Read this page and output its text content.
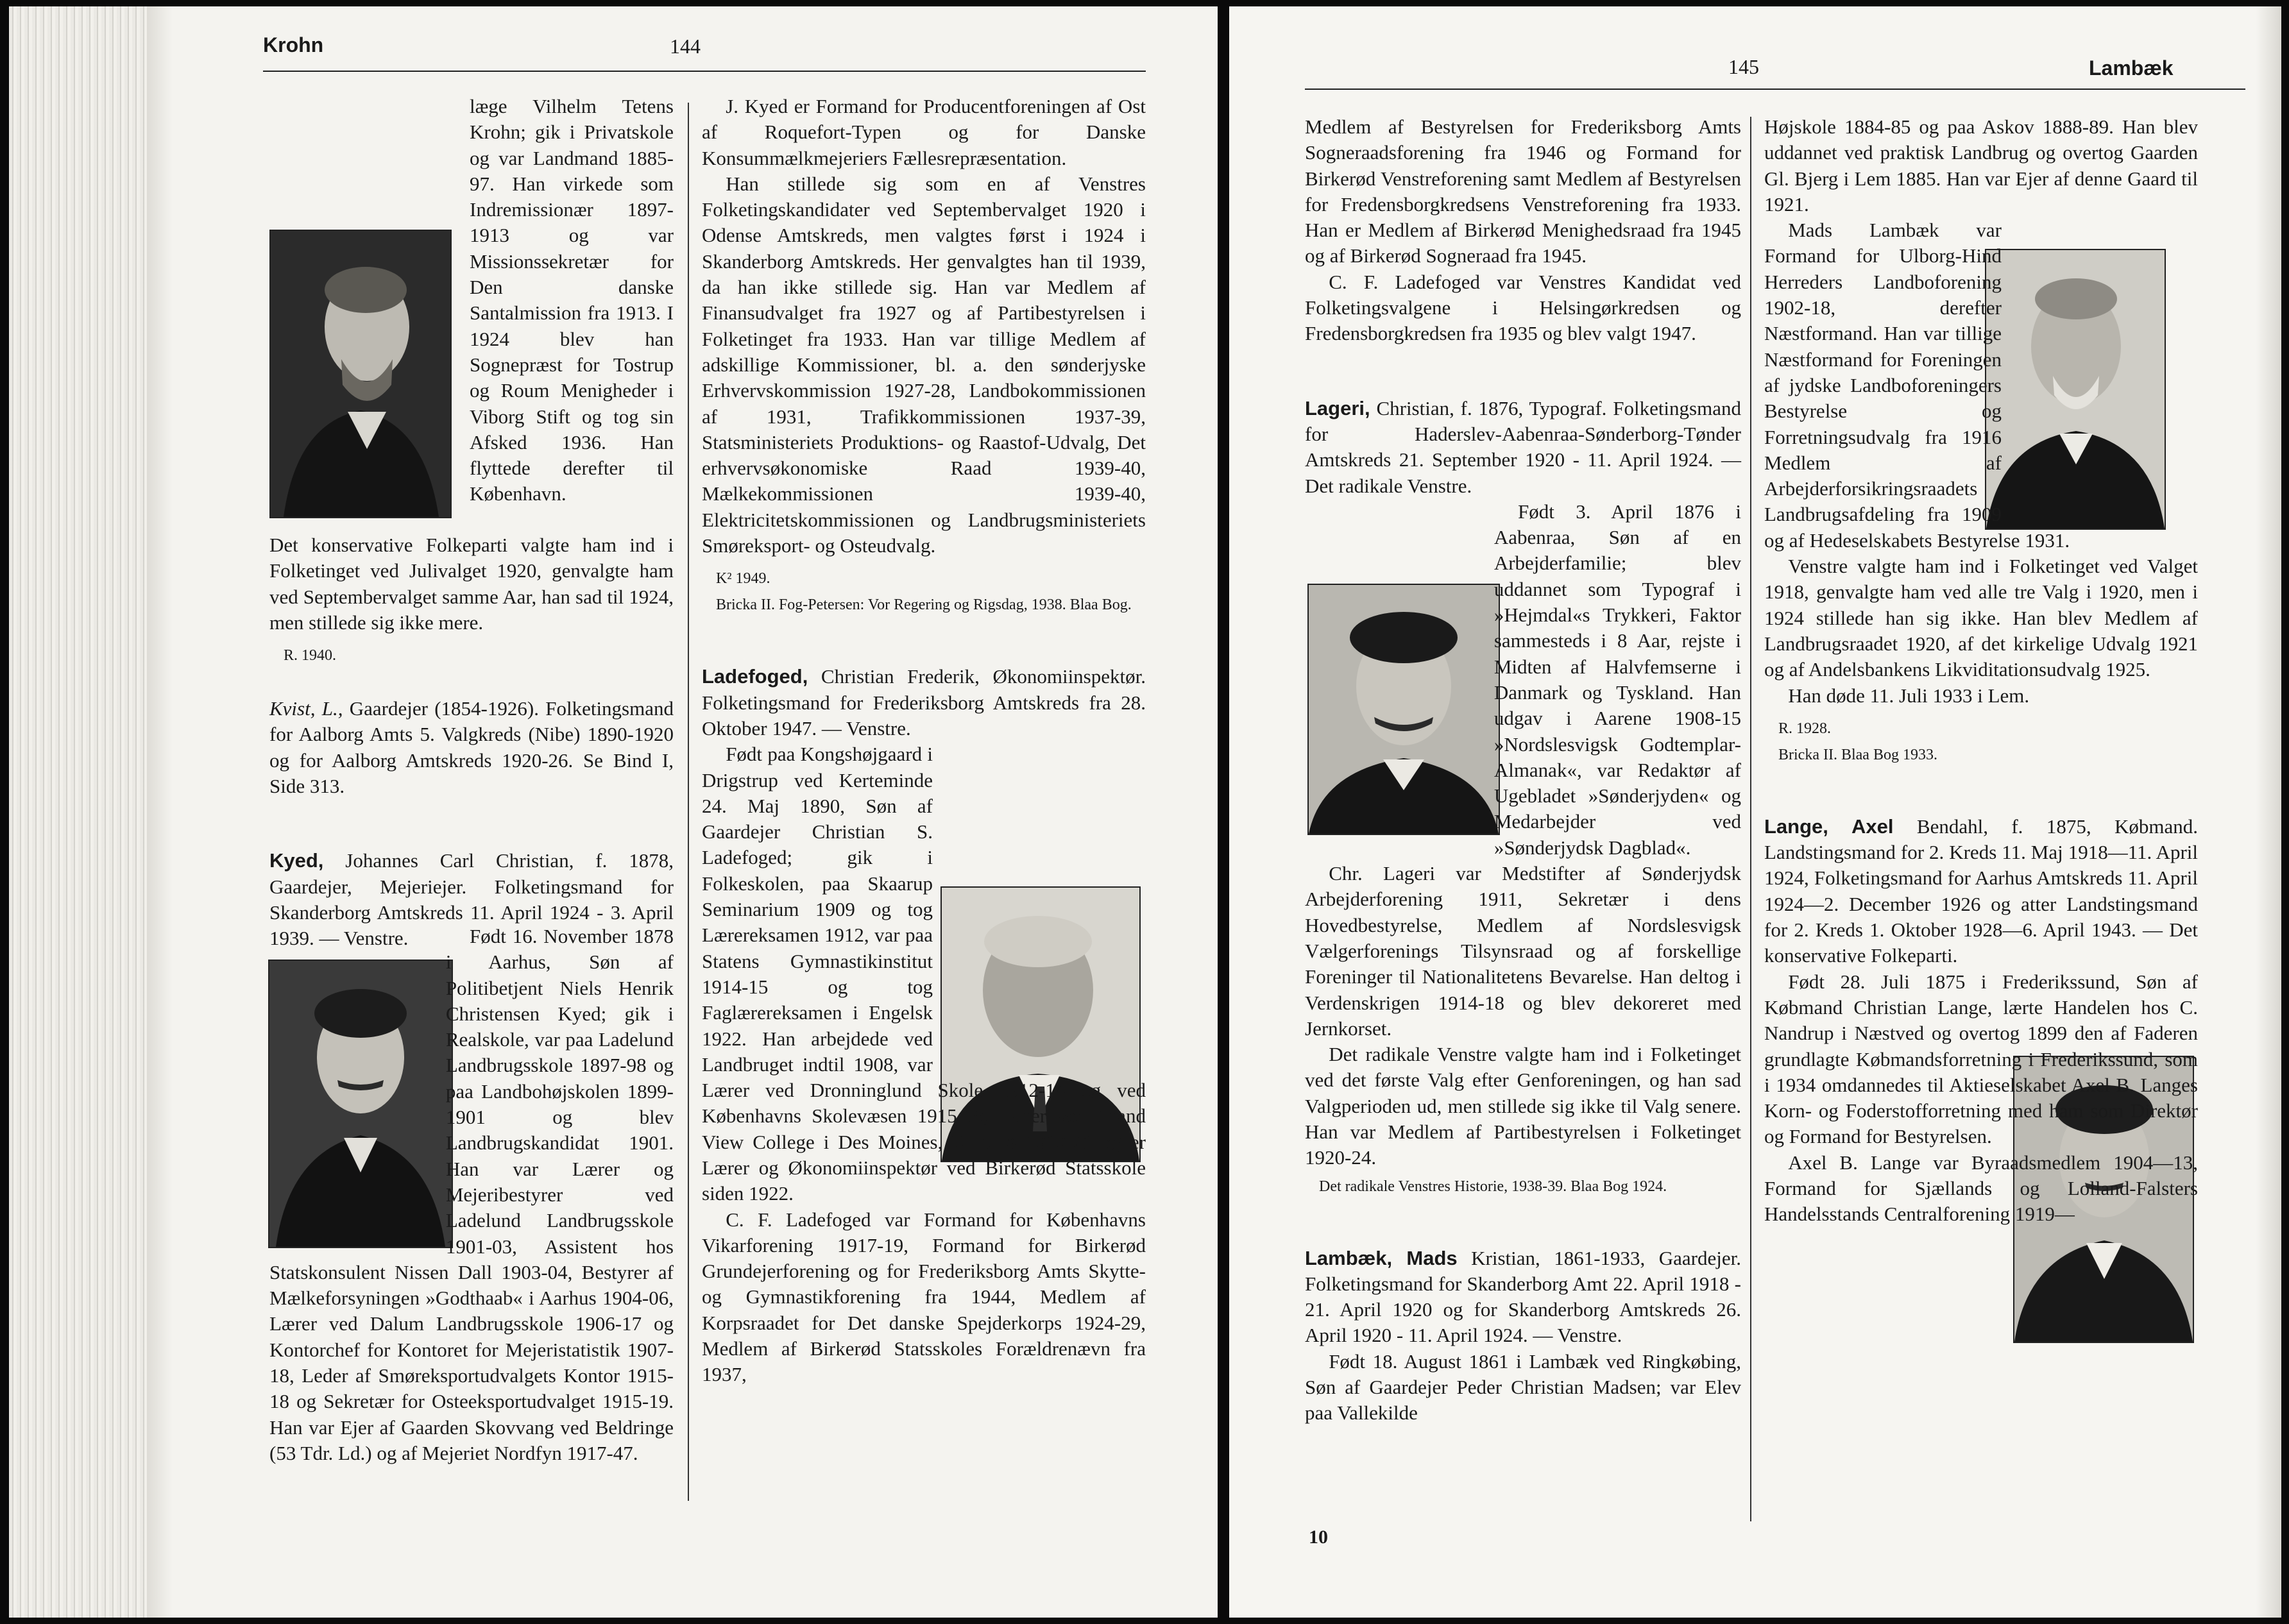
Krohn	144

læge Vilhelm Tetens Krohn; gik i Privatskole og var Landmand 1885-97. Han virkede som Indremissionær 1897-1913 og var Missionssekretær for Den danske Santalmission fra 1913. I 1924 blev han Sognepræst for Tostrup og Roum Menigheder i Viborg Stift og tog sin Afsked 1936. Han flyttede derefter til København.

Det konservative Folkeparti valgte ham ind i Folketinget ved Julivalget 1920, genvalgte ham ved Septembervalget samme Aar, han sad til 1924, men stillede sig ikke mere.

R. 1940.

Kvist, L., Gaardejer (1854-1926). Folketingsmand for Aalborg Amts 5. Valgkreds (Nibe) 1890-1920 og for Aalborg Amtskreds 1920-26. Se Bind I, Side 313.

Kyed, Johannes Carl Christian, f. 1878, Gaardejer, Mejeriejer. Folketingsmand for Skanderborg Amtskreds 11. April 1924 - 3. April 1939. — Venstre.	Født 16. November 1878 i Aarhus, Søn af Politibetjent Niels Henrik Christensen Kyed; gik i Realskole, var paa Ladelund Landbrugsskole 1897-98 og paa Landbohøjskolen 1899-1901 og blev Landbrugskandidat 1901. Han var Lærer og Mejeribestyrer ved Ladelund Landbrugsskole 1901-03, Assistent hos Statskonsulent Nissen Dall 1903-04, Bestyrer af Mælkeforsyningen »Godthaab« i Aarhus 1904-06, Lærer ved Dalum Landbrugsskole 1906-17 og Kontorchef for Kontoret for Mejeristatistik 1907-18, Leder af Smøreksportudvalgets Kontor 1915-18 og Sekretær for Osteeksportudvalget 1915-19. Han var Ejer af Gaarden Skovvang ved Beldringe (53 Tdr. Ld.) og af Mejeriet Nordfyn 1917-47.

J. Kyed er Formand for Producentforeningen af Ost af Roquefort-Typen og for Danske Konsummælkmejeriers Fællesrepræsentation.

Han stillede sig som en af Venstres Folketingskandidater ved Septembervalget 1920 i Odense Amtskreds, men valgtes først i 1924 i Skanderborg Amtskreds. Her genvalgtes han til 1939, da han ikke stillede sig. Han var Medlem af Finansudvalget fra 1927 og af Partibestyrelsen i Folketinget fra 1933. Han var tillige Medlem af adskillige Kommissioner, bl. a. den sønderjyske Erhvervskommission 1927-28, Landbokommissionen af 1931, Trafikkommissionen 1937-39, Statsministeriets Produktions- og Raastof-Udvalg, Det erhvervsøkonomiske Raad 1939-40, Mælkekommissionen 1939-40, Elektricitetskommissionen og Landbrugsministeriets Smøreksport- og Osteudvalg.

K² 1949.

Bricka II. Fog-Petersen: Vor Regering og Rigsdag, 1938. Blaa Bog.

Ladefoged, Christian Frederik, Økonomiinspektør. Folketingsmand for Frederiksborg Amtskreds fra 28. Oktober 1947. — Venstre.

Født paa Kongshøjgaard i Drigstrup ved Kerteminde 24. Maj 1890, Søn af Gaardejer Christian S. Ladefoged; gik i Folkeskolen, paa Skaarup Seminarium 1909 og tog Lærereksamen 1912, var paa Statens Gymnastikinstitut 1914-15 og tog Faglærereksamen i Engelsk 1922. Han arbejdede ved Landbruget indtil 1908, var Lærer ved Dronninglund Skole 1912-14 og ved Københavns Skolevæsen 1915-19, Lærer ved Grand View College i Des Moines, U. S. A 1919-21 og er Lærer og Økonomiinspektør ved Birkerød Statsskole siden 1922.

C. F. Ladefoged var Formand for Københavns Vikarforening 1917-19, Formand for Birkerød Grundejerforening og for Frederiksborg Amts Skytte- og Gymnastikforening fra 1944, Medlem af Korpsraadet for Det danske Spejderkorps 1924-29, Medlem af Birkerød Statsskoles Forældrenævn fra 1937,

145	Lambæk

Medlem af Bestyrelsen for Frederiksborg Amts Sogneraadsforening fra 1946 og Formand for Birkerød Venstreforening samt Medlem af Bestyrelsen for Fredensborgkredsens Venstreforening fra 1933. Han er Medlem af Birkerød Menighedsraad fra 1945 og af Birkerød Sogneraad fra 1945.

C. F. Ladefoged var Venstres Kandidat ved Folketingsvalgene i Helsingørkredsen og Fredensborgkredsen fra 1935 og blev valgt 1947.

Lageri, Christian, f. 1876, Typograf. Folketingsmand for Haderslev-Aabenraa-Sønderborg-Tønder Amtskreds 21. September 1920 - 11. April 1924. — Det radikale Venstre.

Født 3. April 1876 i Aabenraa, Søn af en Arbejderfamilie; blev uddannet som Typograf i »Hejmdal«s Trykkeri, Faktor sammesteds i 8 Aar, rejste i Midten af Halvfemserne i Danmark og Tyskland. Han udgav i Aarene 1908-15 »Nordslesvigsk Godtemplar-Almanak«, var Redaktør af Ugebladet »Sønderjyden« og Medarbejder ved »Sønderjydsk Dagblad«.

Chr. Lageri var Medstifter af Sønderjydsk Arbejderforening 1911, Sekretær i dens Hovedbestyrelse, Medlem af Nordslesvigsk Vælgerforenings Tilsynsraad og af forskellige Foreninger til Nationalitetens Bevarelse. Han deltog i Verdenskrigen 1914-18 og blev dekoreret med Jernkorset.

Det radikale Venstre valgte ham ind i Folketinget ved det første Valg efter Genforeningen, og han sad Valgperioden ud, men stillede sig ikke til Valg senere. Han var Medlem af Partibestyrelsen i Folketinget 1920-24.

Det radikale Venstres Historie, 1938-39. Blaa Bog 1924.

Lambæk, Mads Kristian, 1861-1933, Gaardejer. Folketingsmand for Skanderborg Amt 22. April 1918 - 21. April 1920 og for Skanderborg Amtskreds 26. April 1920 - 11. April 1924. — Venstre.

Født 18. August 1861 i Lambæk ved Ringkøbing, Søn af Gaardejer Peder Christian Madsen; var Elev paa Vallekilde

Højskole 1884-85 og paa Askov 1888-89. Han blev uddannet ved praktisk Landbrug og overtog Gaarden Gl. Bjerg i Lem 1885. Han var Ejer af denne Gaard til 1921.

Mads Lambæk var Formand for Ulborg-Hind Herreders Landboforening 1902-18, derefter Næstformand. Han var tillige Næstformand for Foreningen af jydske Landboforeningers Bestyrelse og Forretningsudvalg fra 1916 Medlem af Arbejderforsikringsraadets Landbrugsafdeling fra 1909 og af Hedeselskabets Bestyrelse 1931.

Venstre valgte ham ind i Folketinget ved Valget 1918, genvalgte ham ved alle tre Valg i 1920, men i 1924 stillede han sig ikke. Han blev Medlem af Landbrugsraadet 1920, af det kirkelige Udvalg 1921 og af Andelsbankens Likviditationsudvalg 1925.

Han døde 11. Juli 1933 i Lem.

R. 1928.

Bricka II. Blaa Bog 1933.

Lange, Axel Bendahl, f. 1875, Købmand. Landstingsmand for 2. Kreds 11. Maj 1918—11. April 1924, Folketingsmand for Aarhus Amtskreds 11. April 1924—2. December 1926 og atter Landstingsmand for 2. Kreds 1. Oktober 1928—6. April 1943. — Det konservative Folkeparti.

Født 28. Juli 1875 i Frederikssund, Søn af Købmand Christian Lange, lærte Handelen hos C. Nandrup i Næstved og overtog 1899 den af Faderen grundlagte Købmandsforretning i Frederikssund, som i 1934 omdannedes til Aktieselskabet Axel B. Langes Korn- og Foderstofforretning med ham som Direktør og Formand for Bestyrelsen.

Axel B. Lange var Byraadsmedlem 1904—13, Formand for Sjællands og Lolland-Falsters Handelsstands Centralforening 1919—

10
